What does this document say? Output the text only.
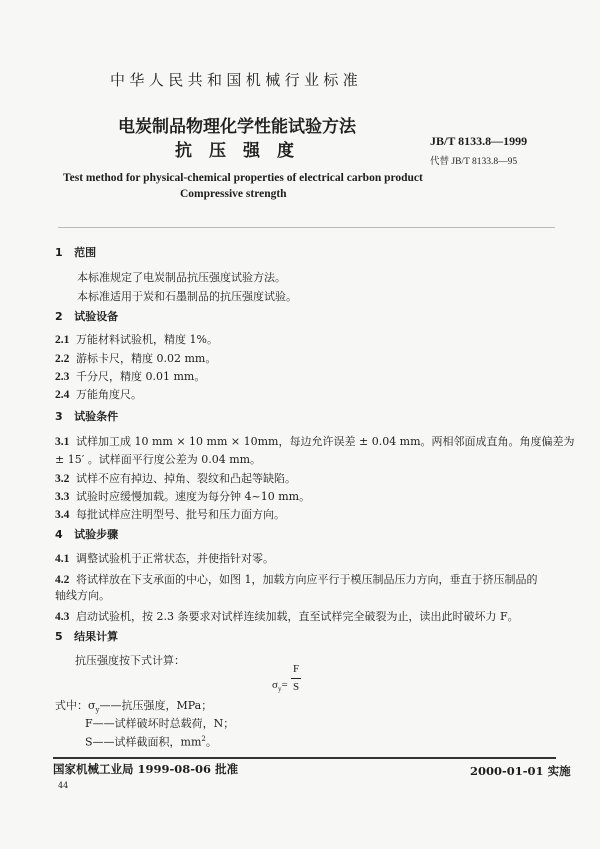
中华人民共和国机械行业标准
电炭制品物理化学性能试验方法
抗　压　强　度
Test method for physical-chemical properties of electrical carbon product
Compressive strength
JB/T 8133.8—1999
代替 JB/T 8133.8—95
1 范围
本标准规定了电炭制品抗压强度试验方法。
本标准适用于炭和石墨制品的抗压强度试验。
2 试验设备
2.1 万能材料试验机，精度 1%。
2.2 游标卡尺，精度 0.02 mm。
2.3 千分尺，精度 0.01 mm。
2.4 万能角度尺。
3 试验条件
3.1 试样加工成 10 mm × 10 mm × 10mm，每边允许误差 ± 0.04 mm。两相邻面成直角。角度偏差为
± 15′ 。试样面平行度公差为 0.04 mm。
3.2 试样不应有掉边、掉角、裂纹和凸起等缺陷。
3.3 试验时应缓慢加载。速度为每分钟 4~10 mm。
3.4 每批试样应注明型号、批号和压力面方向。
4 试验步骤
4.1 调整试验机于正常状态，并使指针对零。
4.2 将试样放在下支承面的中心，如图 1，加载方向应平行于模压制品压力方向，垂直于挤压制品的
轴线方向。
4.3 启动试验机，按 2.3 条要求对试样连续加载，直至试样完全破裂为止，读出此时破坏力 F。
5 结果计算
抗压强度按下式计算：
$\sigma_y=$
F
S
式中：$\sigma_y——$抗压强度，MPa；
F——试样破坏时总载荷，N；
S——试样截面积，$mm^2$。
国家机械工业局 1999-08-06 批准	2000-01-01 实施
44
